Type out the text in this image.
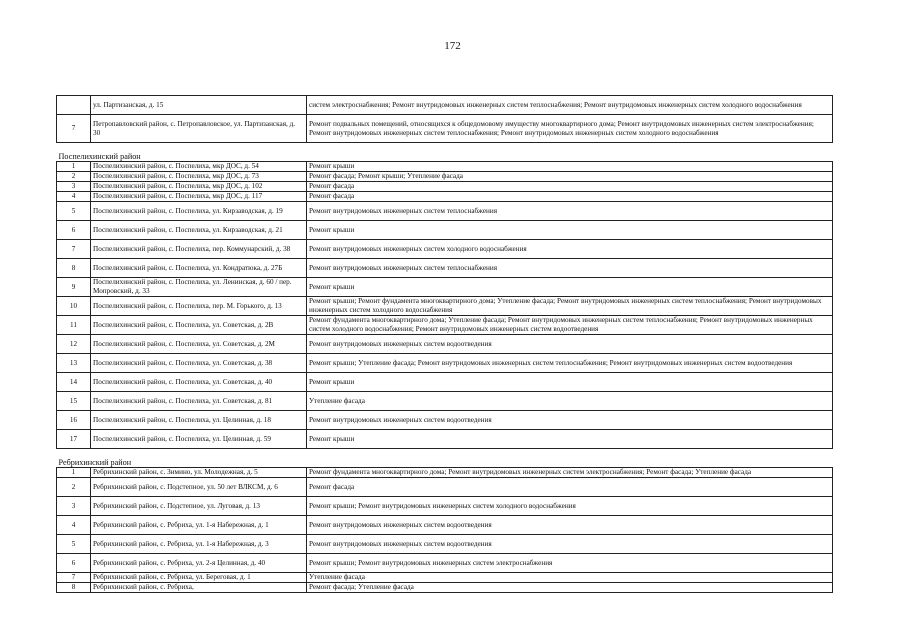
172
	ул. Партизанская, д. 15	систем электроснабжения; Ремонт внутридомовых инженерных систем теплоснабжения; Ремонт внутридомовых инженерных систем холодного водоснабжения
7	Петропавловский район, с. Петропавловское, ул. Партизанская, д. 30	Ремонт подвальных помещений, относящихся к общедомовому имуществу многоквартирного дома; Ремонт внутридомовых инженерных систем электроснабжения; Ремонт внутридомовых инженерных систем теплоснабжения; Ремонт внутридомовых инженерных систем холодного водоснабжения
Поспелихинский район		
1	Поспелихинский район, с. Поспелиха, мкр ДОС, д. 54	Ремонт крыши
2	Поспелихинский район, с. Поспелиха, мкр ДОС, д. 73	Ремонт фасада; Ремонт крыши; Утепление фасада
3	Поспелихинский район, с. Поспелиха, мкр ДОС, д. 102	Ремонт фасада
4	Поспелихинский район, с. Поспелиха, мкр ДОС, д. 117	Ремонт фасада
5	Поспелихинский район, с. Поспелиха, ул. Кирзаводская, д. 19	Ремонт внутридомовых инженерных систем теплоснабжения
6	Поспелихинский район, с. Поспелиха, ул. Кирзаводская, д. 21	Ремонт крыши
7	Поспелихинский район, с. Поспелиха, пер. Коммунарский, д. 38	Ремонт внутридомовых инженерных систем холодного водоснабжения
8	Поспелихинский район, с. Поспелиха, ул. Кондратюка, д. 27Б	Ремонт внутридомовых инженерных систем теплоснабжения
9	Поспелихинский район, с. Поспелиха, ул. Ленинская, д. 60 / пер. Мопровский, д. 33	Ремонт крыши
10	Поспелихинский район, с. Поспелиха, пер. М. Горького, д. 13	Ремонт крыши; Ремонт фундамента многоквартирного дома; Утепление фасада; Ремонт внутридомовых инженерных систем теплоснабжения; Ремонт внутридомовых инженерных систем холодного водоснабжения
11	Поспелихинский район, с. Поспелиха, ул. Советская, д. 2В	Ремонт фундамента многоквартирного дома; Утепление фасада; Ремонт внутридомовых инженерных систем теплоснабжения; Ремонт внутридомовых инженерных систем холодного водоснабжения; Ремонт внутридомовых инженерных систем водоотведения
12	Поспелихинский район, с. Поспелиха, ул. Советская, д. 2М	Ремонт внутридомовых инженерных систем водоотведения
13	Поспелихинский район, с. Поспелиха, ул. Советская, д. 38	Ремонт крыши; Утепление фасада; Ремонт внутридомовых инженерных систем теплоснабжения; Ремонт внутридомовых инженерных систем водоотведения
14	Поспелихинский район, с. Поспелиха, ул. Советская, д. 40	Ремонт крыши
15	Поспелихинский район, с. Поспелиха, ул. Советская, д. 81	Утепление фасада
16	Поспелихинский район, с. Поспелиха, ул. Целинная, д. 18	Ремонт внутридомовых инженерных систем водоотведения
17	Поспелихинский район, с. Поспелиха, ул. Целинная, д. 59	Ремонт крыши
Ребрихинский район		
1	Ребрихинский район, с. Зимино, ул. Молодежная, д. 5	Ремонт фундамента многоквартирного дома; Ремонт внутридомовых инженерных систем электроснабжения; Ремонт фасада; Утепление фасада
2	Ребрихинский район, с. Подстепное, ул. 50 лет ВЛКСМ, д. 6	Ремонт фасада
3	Ребрихинский район, с. Подстепное, ул. Луговая, д. 13	Ремонт крыши; Ремонт внутридомовых инженерных систем холодного водоснабжения
4	Ребрихинский район, с. Ребриха, ул. 1-я Набережная, д. 1	Ремонт внутридомовых инженерных систем водоотведения
5	Ребрихинский район, с. Ребриха, ул. 1-я Набережная, д. 3	Ремонт внутридомовых инженерных систем водоотведения
6	Ребрихинский район, с. Ребриха, ул. 2-я Целинная, д. 40	Ремонт крыши; Ремонт внутридомовых инженерных систем электроснабжения
7	Ребрихинский район, с. Ребриха, ул. Береговая, д. 1	Утепление фасада
8	Ребрихинский район, с. Ребриха,	Ремонт фасада; Утепление фасада
